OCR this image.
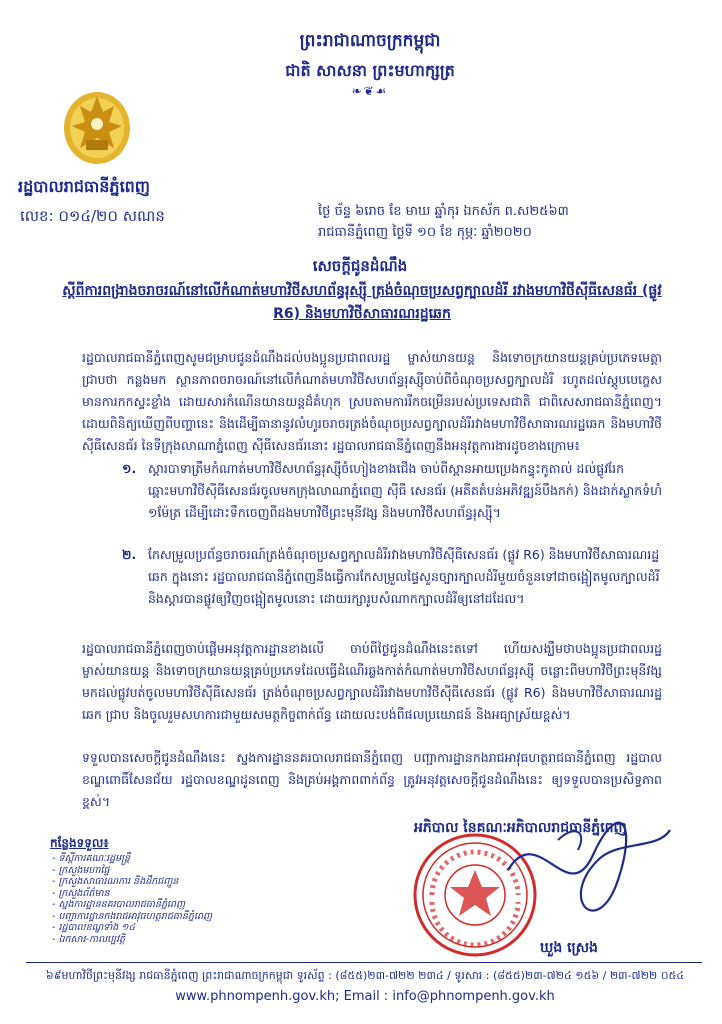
ព្រះរាជាណាចក្រកម្ពុជា
ជាតិ សាសនា ព្រះមហាក្សត្រ
❧❦☙
រដ្ឋបាលរាជធានីភ្នំពេញ
លេខ: ០១៤/២០ សណន	ថ្ងៃ ច័ន្ទ ៦រោច ខែ មាឃ ឆ្នាំកុរ ឯកស័ក ព.ស២៥៦៣
រាជធានីភ្នំពេញ ថ្ងៃទី ១០ ខែ កុម្ភៈ ឆ្នាំ២០២០
សេចក្តីជូនដំណឹង
ស្តីពីការពង្រាងចរាចរណ៍នៅលើកំណាត់មហាវិថីសហព័ន្ធរុស្ស៊ី ត្រង់ចំណុចប្រសព្វក្បាលដំរី រវាងមហាវិថីស៊ីធីសេនធ័រ (ផ្លូវ R6) និងមហាវិថីសាធារណរដ្ឋឆេក
រដ្ឋបាលរាជធានីភ្នំពេញសូមជម្រាបជូនដំណឹងដល់បងប្អូនប្រជាពលរដ្ឋ ម្ចាស់យានយន្ត និងទោចក្រយានយន្តគ្រប់ប្រភេទមេត្តាជ្រាបថា កន្លងមក ស្ថានភាពចរាចរណ៍នៅលើកំណាត់មហាវិថីសហព័ន្ធរុស្ស៊ីចាប់ពីចំណុចប្រសព្វក្បាលដំរី រហូតដល់ស្តូបបេក្ខេស មានការកកស្ទះខ្លាំង ដោយសារកំណើនយានយន្តដ៏គំហុក ស្របតាមការរីកចម្រើនរបស់ប្រទេសជាតិ ជាពិសេសរាជធានីភ្នំពេញ។ ដោយពិនិត្យឃើញពីបញ្ហានេះ និងដើម្បីធានានូវលំហូរចរាចរត្រង់ចំណុចប្រសព្វក្បាលដំរីរវាងមហាវិថីសាធារណរដ្ឋឆេក និងមហាវិថីស៊ីធីសេនធ័រ នៃទីក្រុងលាណាភ្នំពេញ ស៊ីធីសេនធ័រនោះ រដ្ឋបាលរាជធានីភ្នំពេញនឹងអនុវត្តការងារដូចខាងក្រោម៖
១. ស្តារបាទាត្រឹមកំណាត់មហាវិថីសហព័ន្ធរុស្ស៊ីចំហៀងខាងជើង ចាប់ពីស្ពានអាយប្រេងកន្ទុះកូតាល់ ដល់ផ្លូវរែកឆ្ពោះមហាវិថីស៊ីធីសេនធ័រចូលមកក្រុងលាណាភ្នំពេញ ស៊ីធី សេនធ័រ (អតីតតំបន់អភិវឌ្ឍន៍បឹងកក់) និងដាក់ស្លាកទំហំ ១ម៉ែត្រ ដើម្បីដោះទឹកចេញពីដងមហាវិថីព្រះមុនីវង្ស និងមហាវិថីសហព័ន្ធរុស្ស៊ី។
២. កែសម្រួលប្រព័ន្ធចរាចរណ៍ត្រង់ចំណុចប្រសព្វក្បាលដំរីរវាងមហាវិថីស៊ីធីសេនធ័រ (ផ្លូវ R6) និងមហាវិថីសាធារណរដ្ឋឆេក ក្នុងនោះ រដ្ឋបាលរាជធានីភ្នំពេញនឹងធ្វើការកែសម្រួលផ្ទៃសួនច្បារក្បាលដំរីមួយចំនួនទៅជាចង្អៀតមូលក្បាលដំរី និងស្តារបានផ្លូវឲ្យវិញចង្អៀតមូលនោះ ដោយរក្សារូបសំណាកក្បាលដំរីឲ្យនៅដដែល។
រដ្ឋបាលរាជធានីភ្នំពេញចាប់ផ្តើមអនុវត្តការដ្ឋានខាងលើ ចាប់ពីថ្ងៃជូនដំណឹងនេះតទៅ ហើយសង្ឃឹមថាបងប្អូនប្រជាពលរដ្ឋ ម្ចាស់យានយន្ត និងទោចក្រយានយន្តគ្រប់ប្រភេទដែលធ្វើដំណើរឆ្លងកាត់កំណាត់មហាវិថីសហព័ន្ធរុស្ស៊ី ចន្លោះពីមហាវិថីព្រះមុនីវង្សមកដល់ផ្លូវបត់ចូលមហាវិថីស៊ីធីសេនធ័រ ត្រង់ចំណុចប្រសព្វក្បាលដំរីរវាងមហាវិថីស៊ីធីសេនធ័រ (ផ្លូវ R6) និងមហាវិថីសាធារណរដ្ឋឆេក ជ្រាប និងចូលរួមសហការជាមួយសមត្ថកិច្ចពាក់ព័ន្ធ ដោយលះបង់ពីផលប្រយោជន៍ និងអធ្យាស្រ័យខ្ពស់។
ទទួលបានសេចក្តីជូនដំណឹងនេះ ស្នងការដ្ឋាននគរបាលរាជធានីភ្នំពេញ បញ្ជាការដ្ឋានកងរាជអាវុធហត្ថរាជធានីភ្នំពេញ រដ្ឋបាលខណ្ឌពោធិ៍សែនជ័យ រដ្ឋបាលខណ្ឌដូនពេញ និងគ្រប់អង្គភាពពាក់ព័ន្ធ ត្រូវអនុវត្តសេចក្តីជូនដំណឹងនេះ ឲ្យទទួលបានប្រសិទ្ធភាពខ្ពស់។
កន្លែងទទួល៖
- ទីស្តីការគណៈរដ្ឋមន្ត្រី
- ក្រសួងមហាផ្ទៃ
- ក្រសួងសាធារណការ និងដឹកជញ្ជូន
- ក្រសួងព័ត៌មាន
- ស្នងការដ្ឋាននគរបាលរាជធានីភ្នំពេញ
- បញ្ជាការដ្ឋានកងរាជអាវុធហត្ថរាជធានីភ្នំពេញ
- រដ្ឋបាលខណ្ឌទាំង ១៤
- ឯកសារ-កាលប្បវត្តិ
អភិបាល នៃគណៈអភិបាលរាជធានីភ្នំពេញ
ឃួង ស្រេង
៦៩មហាវិថីព្រះមុនីវង្ស រាជធានីភ្នំពេញ ព្រះរាជាណាចក្រកម្ពុជា ទូរស័ព្ទ : (៨៥៥)២៣-៧២២ ២៣៤ / ទូរសារ : (៨៥៥)២៣-៧២៤ ១៥៦ / ២៣-៧២២ ០៥៤
www.phnompenh.gov.kh; Email : info@phnompenh.gov.kh
